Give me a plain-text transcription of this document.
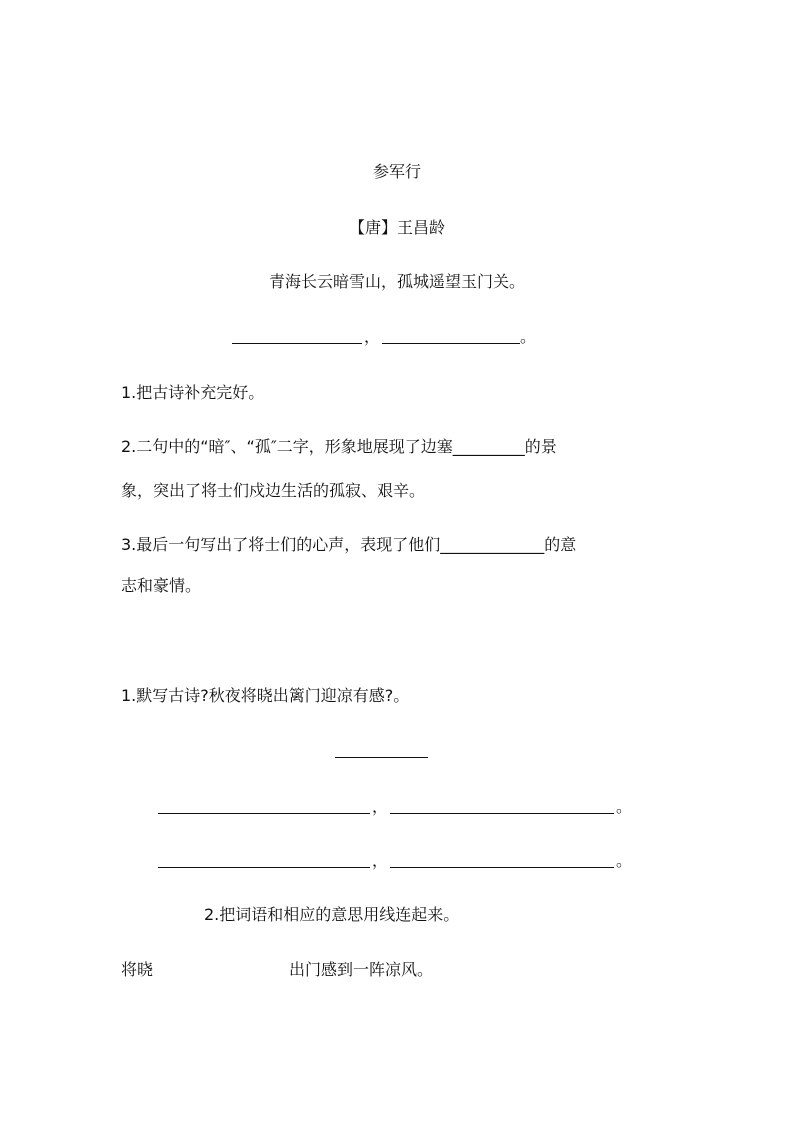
参军行
【唐】王昌龄
青海长云暗雪山，孤城遥望玉门关。
，	。
1.把古诗补充完好。
2.二句中的“暗″、“孤″二字，形象地展现了边塞_________的景
象，突出了将士们戍边生活的孤寂、艰辛。
3.最后一句写出了将士们的心声，表现了他们_____________的意
志和豪情。
1.默写古诗?秋夜将晓出篱门迎凉有感?。
，	。
，	。
2.把词语和相应的意思用线连起来。
将晓	出门感到一阵凉风。
